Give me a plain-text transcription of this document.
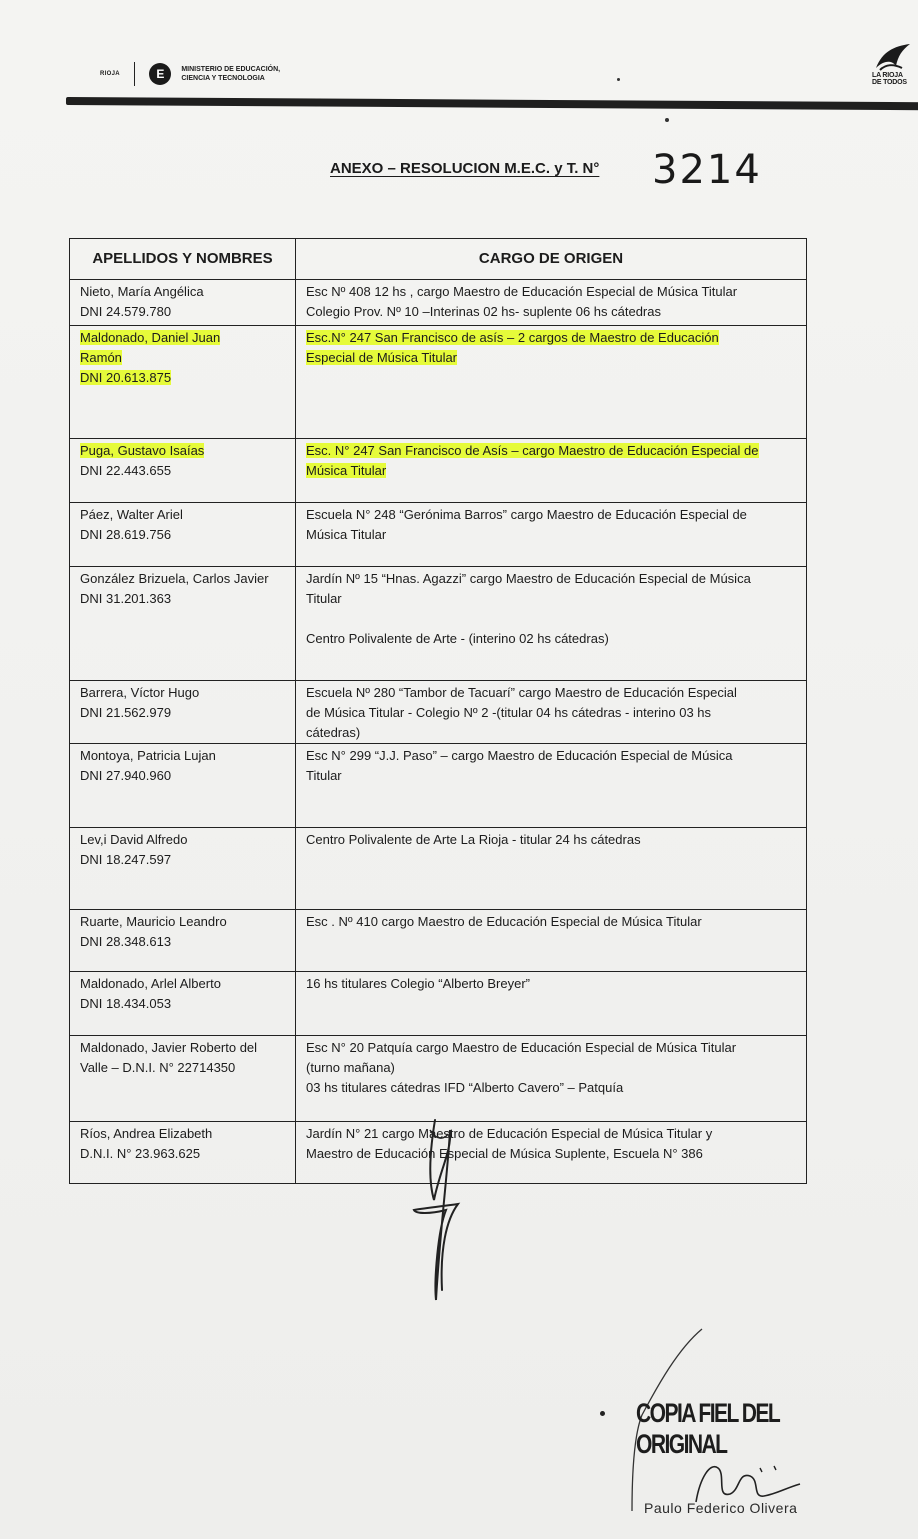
RIOJA	E	MINISTERIO DE EDUCACIÓN,
CIENCIA Y TECNOLOGIA	LA RIOJA
DE TODOS
ANEXO – RESOLUCION M.E.C. y T. N° 3214
APELLIDOS Y NOMBRES	CARGO DE ORIGEN

Nieto, María Angélica
DNI 24.579.780	Esc Nº 408 12 hs , cargo Maestro de Educación Especial de Música Titular
Colegio Prov. Nº 10 –Interinas 02 hs- suplente 06 hs cátedras

Maldonado, Daniel Juan
Ramón
DNI 20.613.875	Esc.N° 247 San Francisco de asís – 2 cargos de Maestro de Educación
Especial de Música Titular

Puga, Gustavo Isaías
DNI 22.443.655	Esc. N° 247 San Francisco de Asís – cargo Maestro de Educación Especial de
Música Titular

Páez, Walter Ariel
DNI 28.619.756	Escuela N° 248 “Gerónima Barros” cargo Maestro de Educación Especial de
Música Titular

González Brizuela, Carlos Javier
DNI 31.201.363	Jardín Nº 15 “Hnas. Agazzi” cargo Maestro de Educación Especial de Música
Titular
Centro Polivalente de Arte - (interino 02 hs cátedras)

Barrera, Víctor Hugo
DNI 21.562.979	Escuela Nº 280 “Tambor de Tacuarí” cargo Maestro de Educación Especial
de Música Titular - Colegio Nº 2 -(titular 04 hs cátedras - interino 03 hs
cátedras)

Montoya, Patricia Lujan
DNI 27.940.960	Esc N° 299 “J.J. Paso” – cargo Maestro de Educación Especial de Música
Titular

Lev,i David Alfredo
DNI 18.247.597	Centro Polivalente de Arte La Rioja - titular 24 hs cátedras

Ruarte, Mauricio Leandro
DNI 28.348.613	Esc . Nº 410 cargo Maestro de Educación Especial de Música Titular

Maldonado, Arlel Alberto
DNI 18.434.053	16 hs titulares Colegio “Alberto Breyer”

Maldonado, Javier Roberto del
Valle – D.N.I. N° 22714350	Esc N° 20 Patquía cargo Maestro de Educación Especial de Música Titular
(turno mañana)
03 hs titulares cátedras IFD “Alberto Cavero” – Patquía

Ríos, Andrea Elizabeth
D.N.I. N° 23.963.625	Jardín N° 21 cargo Maestro de Educación Especial de Música Titular y
Maestro de Educación Especial de Música Suplente, Escuela N° 386
COPIA FIEL DEL ORIGINAL
Paulo Federico Olivera
